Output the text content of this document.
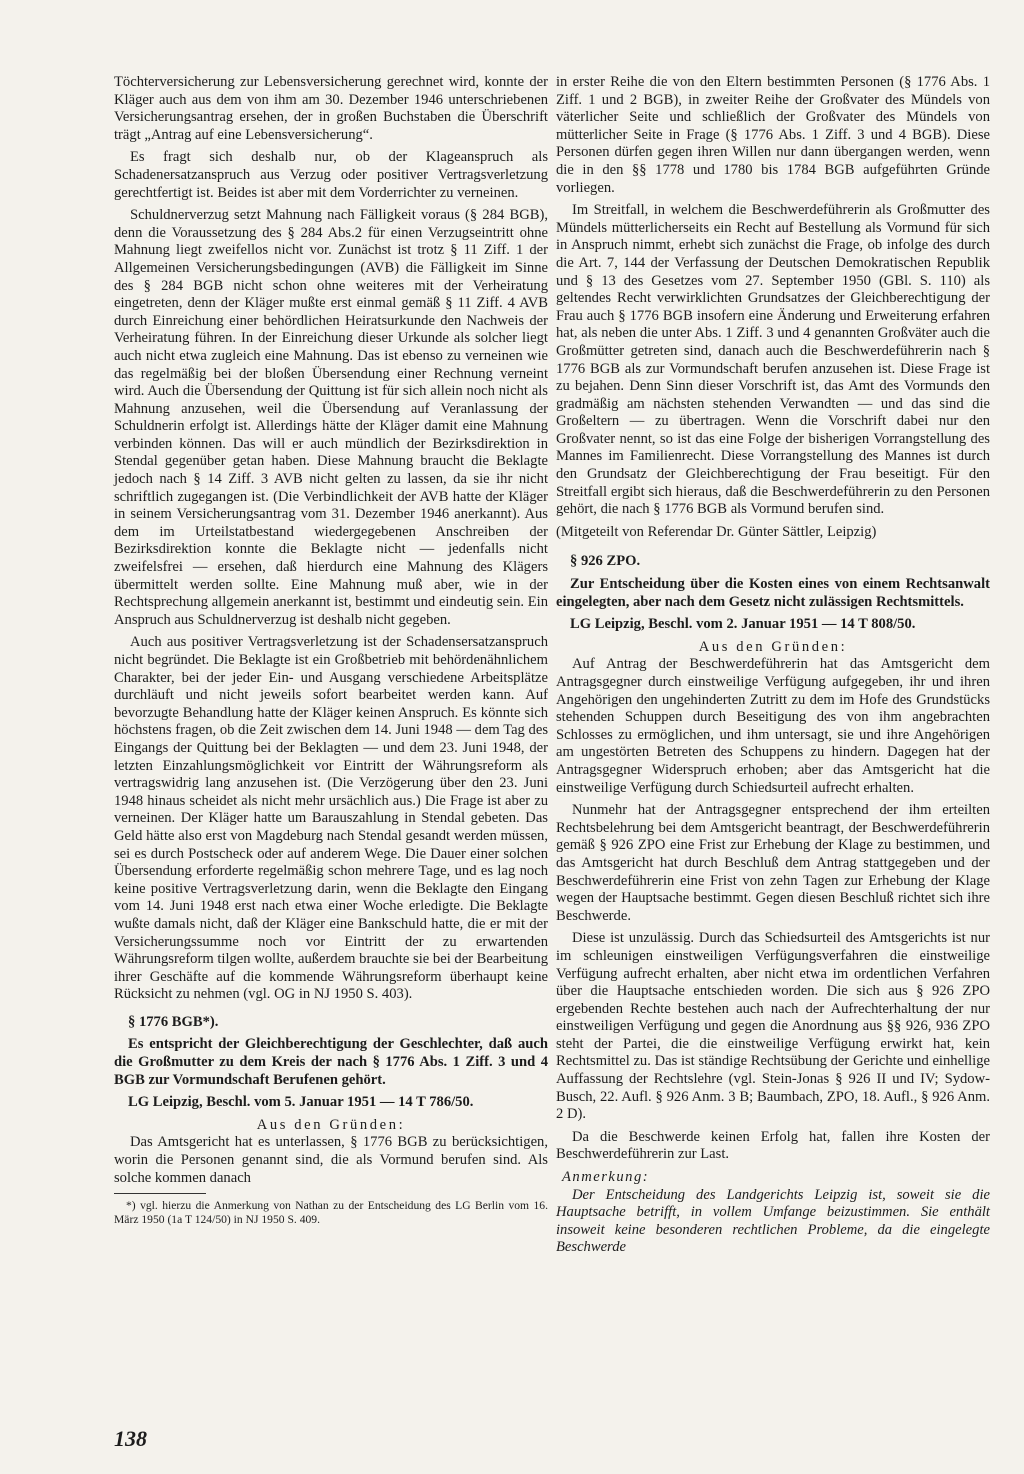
Töchterversicherung zur Lebensversicherung gerechnet wird, konnte der Kläger auch aus dem von ihm am 30. Dezember 1946 unterschriebenen Versicherungsantrag ersehen, der in großen Buchstaben die Überschrift trägt „Antrag auf eine Lebensversicherung“.

Es fragt sich deshalb nur, ob der Klageanspruch als Schadenersatzanspruch aus Verzug oder positiver Vertragsverletzung gerechtfertigt ist. Beides ist aber mit dem Vorderrichter zu verneinen.

Schuldnerverzug setzt Mahnung nach Fälligkeit voraus (§ 284 BGB), denn die Voraussetzung des § 284 Abs.2 für einen Verzugseintritt ohne Mahnung liegt zweifellos nicht vor. Zunächst ist trotz § 11 Ziff. 1 der Allgemeinen Versicherungsbedingungen (AVB) die Fälligkeit im Sinne des § 284 BGB nicht schon ohne weiteres mit der Verheiratung eingetreten, denn der Kläger mußte erst einmal gemäß § 11 Ziff. 4 AVB durch Einreichung einer behördlichen Heiratsurkunde den Nachweis der Verheiratung führen. In der Einreichung dieser Urkunde als solcher liegt auch nicht etwa zugleich eine Mahnung. Das ist ebenso zu verneinen wie das regelmäßig bei der bloßen Übersendung einer Rechnung verneint wird. Auch die Übersendung der Quittung ist für sich allein noch nicht als Mahnung anzusehen, weil die Übersendung auf Veranlassung der Schuldnerin erfolgt ist. Allerdings hätte der Kläger damit eine Mahnung verbinden können. Das will er auch mündlich der Bezirksdirektion in Stendal gegenüber getan haben. Diese Mahnung braucht die Beklagte jedoch nach § 14 Ziff. 3 AVB nicht gelten zu lassen, da sie ihr nicht schriftlich zugegangen ist. (Die Verbindlichkeit der AVB hatte der Kläger in seinem Versicherungsantrag vom 31. Dezember 1946 anerkannt). Aus dem im Urteilstatbestand wiedergegebenen Anschreiben der Bezirksdirektion konnte die Beklagte nicht — jedenfalls nicht zweifelsfrei — ersehen, daß hierdurch eine Mahnung des Klägers übermittelt werden sollte. Eine Mahnung muß aber, wie in der Rechtsprechung allgemein anerkannt ist, bestimmt und eindeutig sein. Ein Anspruch aus Schuldnerverzug ist deshalb nicht gegeben.

Auch aus positiver Vertragsverletzung ist der Schadensersatzanspruch nicht begründet. Die Beklagte ist ein Großbetrieb mit behördenähnlichem Charakter, bei der jeder Ein- und Ausgang verschiedene Arbeitsplätze durchläuft und nicht jeweils sofort bearbeitet werden kann. Auf bevorzugte Behandlung hatte der Kläger keinen Anspruch. Es könnte sich höchstens fragen, ob die Zeit zwischen dem 14. Juni 1948 — dem Tag des Eingangs der Quittung bei der Beklagten — und dem 23. Juni 1948, der letzten Einzahlungsmöglichkeit vor Eintritt der Währungsreform als vertragswidrig lang anzusehen ist. (Die Verzögerung über den 23. Juni 1948 hinaus scheidet als nicht mehr ursächlich aus.) Die Frage ist aber zu verneinen. Der Kläger hatte um Barauszahlung in Stendal gebeten. Das Geld hätte also erst von Magdeburg nach Stendal gesandt werden müssen, sei es durch Postscheck oder auf anderem Wege. Die Dauer einer solchen Übersendung erforderte regelmäßig schon mehrere Tage, und es lag noch keine positive Vertragsverletzung darin, wenn die Beklagte den Eingang vom 14. Juni 1948 erst nach etwa einer Woche erledigte. Die Beklagte wußte damals nicht, daß der Kläger eine Bankschuld hatte, die er mit der Versicherungssumme noch vor Eintritt der zu erwartenden Währungsreform tilgen wollte, außerdem brauchte sie bei der Bearbeitung ihrer Geschäfte auf die kommende Währungsreform überhaupt keine Rücksicht zu nehmen (vgl. OG in NJ 1950 S. 403).

§ 1776 BGB*).

Es entspricht der Gleichberechtigung der Geschlechter, daß auch die Großmutter zu dem Kreis der nach § 1776 Abs. 1 Ziff. 3 und 4 BGB zur Vormundschaft Berufenen gehört.

LG Leipzig, Beschl. vom 5. Januar 1951 — 14 T 786/50.

Aus den Gründen:

Das Amtsgericht hat es unterlassen, § 1776 BGB zu berücksichtigen, worin die Personen genannt sind, die als Vormund berufen sind. Als solche kommen danach

*) vgl. hierzu die Anmerkung von Nathan zu der Entscheidung des LG Berlin vom 16. März 1950 (1a T 124/50) in NJ 1950 S. 409.

in erster Reihe die von den Eltern bestimmten Personen (§ 1776 Abs. 1 Ziff. 1 und 2 BGB), in zweiter Reihe der Großvater des Mündels von väterlicher Seite und schließlich der Großvater des Mündels von mütterlicher Seite in Frage (§ 1776 Abs. 1 Ziff. 3 und 4 BGB). Diese Personen dürfen gegen ihren Willen nur dann übergangen werden, wenn die in den §§ 1778 und 1780 bis 1784 BGB aufgeführten Gründe vorliegen.

Im Streitfall, in welchem die Beschwerdeführerin als Großmutter des Mündels mütterlicherseits ein Recht auf Bestellung als Vormund für sich in Anspruch nimmt, erhebt sich zunächst die Frage, ob infolge des durch die Art. 7, 144 der Verfassung der Deutschen Demokratischen Republik und § 13 des Gesetzes vom 27. September 1950 (GBl. S. 110) als geltendes Recht verwirklichten Grundsatzes der Gleichberechtigung der Frau auch § 1776 BGB insofern eine Änderung und Erweiterung erfahren hat, als neben die unter Abs. 1 Ziff. 3 und 4 genannten Großväter auch die Großmütter getreten sind, danach auch die Beschwerdeführerin nach § 1776 BGB als zur Vormundschaft berufen anzusehen ist. Diese Frage ist zu bejahen. Denn Sinn dieser Vorschrift ist, das Amt des Vormunds den gradmäßig am nächsten stehenden Verwandten — und das sind die Großeltern — zu übertragen. Wenn die Vorschrift dabei nur den Großvater nennt, so ist das eine Folge der bisherigen Vorrangstellung des Mannes im Familienrecht. Diese Vorrangstellung des Mannes ist durch den Grundsatz der Gleichberechtigung der Frau beseitigt. Für den Streitfall ergibt sich hieraus, daß die Beschwerdeführerin zu den Personen gehört, die nach § 1776 BGB als Vormund berufen sind.

(Mitgeteilt von Referendar Dr. Günter Sättler, Leipzig)

§ 926 ZPO.

Zur Entscheidung über die Kosten eines von einem Rechtsanwalt eingelegten, aber nach dem Gesetz nicht zulässigen Rechtsmittels.

LG Leipzig, Beschl. vom 2. Januar 1951 — 14 T 808/50.

Aus den Gründen:

Auf Antrag der Beschwerdeführerin hat das Amtsgericht dem Antragsgegner durch einstweilige Verfügung aufgegeben, ihr und ihren Angehörigen den ungehinderten Zutritt zu dem im Hofe des Grundstücks stehenden Schuppen durch Beseitigung des von ihm angebrachten Schlosses zu ermöglichen, und ihm untersagt, sie und ihre Angehörigen am ungestörten Betreten des Schuppens zu hindern. Dagegen hat der Antragsgegner Widerspruch erhoben; aber das Amtsgericht hat die einstweilige Verfügung durch Schiedsurteil aufrecht erhalten.

Nunmehr hat der Antragsgegner entsprechend der ihm erteilten Rechtsbelehrung bei dem Amtsgericht beantragt, der Beschwerdeführerin gemäß § 926 ZPO eine Frist zur Erhebung der Klage zu bestimmen, und das Amtsgericht hat durch Beschluß dem Antrag stattgegeben und der Beschwerdeführerin eine Frist von zehn Tagen zur Erhebung der Klage wegen der Hauptsache bestimmt. Gegen diesen Beschluß richtet sich ihre Beschwerde.

Diese ist unzulässig. Durch das Schiedsurteil des Amtsgerichts ist nur im schleunigen einstweiligen Verfügungsverfahren die einstweilige Verfügung aufrecht erhalten, aber nicht etwa im ordentlichen Verfahren über die Hauptsache entschieden worden. Die sich aus § 926 ZPO ergebenden Rechte bestehen auch nach der Aufrechterhaltung der nur einstweiligen Verfügung und gegen die Anordnung aus §§ 926, 936 ZPO steht der Partei, die die einstweilige Verfügung erwirkt hat, kein Rechtsmittel zu. Das ist ständige Rechtsübung der Gerichte und einhellige Auffassung der Rechtslehre (vgl. Stein-Jonas § 926 II und IV; Sydow-Busch, 22. Aufl. § 926 Anm. 3 B; Baumbach, ZPO, 18. Aufl., § 926 Anm. 2 D).

Da die Beschwerde keinen Erfolg hat, fallen ihre Kosten der Beschwerdeführerin zur Last.

Anmerkung:

Der Entscheidung des Landgerichts Leipzig ist, soweit sie die Hauptsache betrifft, in vollem Umfange beizustimmen. Sie enthält insoweit keine besonderen rechtlichen Probleme, da die eingelegte Beschwerde

138
